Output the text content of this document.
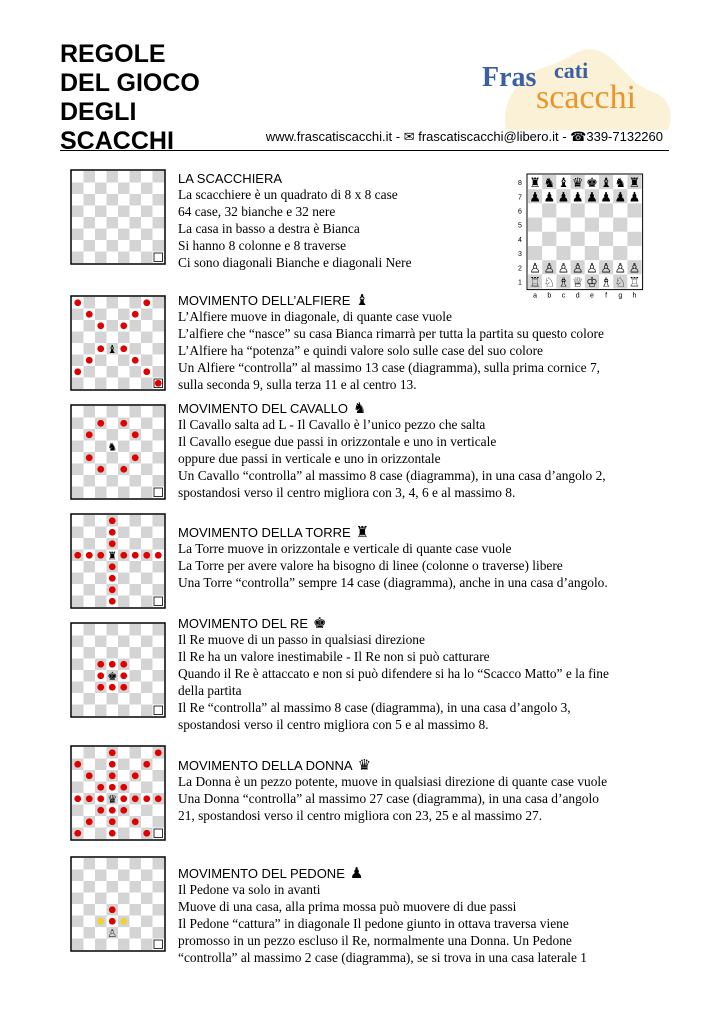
REGOLE
DEL GIOCO
DEGLI
SCACCHI
Fras cati
scacchi
www.frascatiscacchi.it - ✉ frascatiscacchi@libero.it - ☎339-7132260
♝
♞
♜
♚
♛
♙
♜ ♞ ♝ ♛ ♚ ♝ ♞ ♜
♟ ♟ ♟ ♟ ♟ ♟ ♟ ♟
♙ ♙ ♙ ♙ ♙ ♙ ♙ ♙
♖ ♘ ♗ ♕ ♔ ♗ ♘ ♖
8
7
6
5
4
3
2
1
a b c d e f g h
LA SCACCHIERA
La scacchiere è un quadrato di 8 x 8 case
64 case, 32 bianche e 32 nere
La casa in basso a destra è Bianca
Si hanno 8 colonne e 8 traverse
Ci sono diagonali Bianche e diagonali Nere
MOVIMENTO DELL’ALFIERE ♝
L’Alfiere muove in diagonale, di quante case vuole
L’alfiere che “nasce” su casa Bianca rimarrà per tutta la partita su questo colore
L’Alfiere ha “potenza” e quindi valore solo sulle case del suo colore
Un Alfiere “controlla” al massimo 13 case (diagramma), sulla prima cornice 7,
sulla seconda 9, sulla terza 11 e al centro 13.
MOVIMENTO DEL CAVALLO ♞
Il Cavallo salta ad L - Il Cavallo è l’unico pezzo che salta
Il Cavallo esegue due passi in orizzontale e uno in verticale
oppure due passi in verticale e uno in orizzontale
Un Cavallo “controlla” al massimo 8 case (diagramma), in una casa d’angolo 2,
spostandosi verso il centro migliora con 3, 4, 6 e al massimo 8.
MOVIMENTO DELLA TORRE ♜
La Torre muove in orizzontale e verticale di quante case vuole
La Torre per avere valore ha bisogno di linee (colonne o traverse) libere
Una Torre “controlla” sempre 14 case (diagramma), anche in una casa d’angolo.
MOVIMENTO DEL RE ♚
Il Re muove di un passo in qualsiasi direzione
Il Re ha un valore inestimabile - Il Re non si può catturare
Quando il Re è attaccato e non si può difendere si ha lo “Scacco Matto” e la fine
della partita
Il Re “controlla” al massimo 8 case (diagramma), in una casa d’angolo 3,
spostandosi verso il centro migliora con 5 e al massimo 8.
MOVIMENTO DELLA DONNA ♛
La Donna è un pezzo potente, muove in qualsiasi direzione di quante case vuole
Una Donna “controlla” al massimo 27 case (diagramma), in una casa d’angolo
21, spostandosi verso il centro migliora con 23, 25 e al massimo 27.
MOVIMENTO DEL PEDONE ♟
Il Pedone va solo in avanti
Muove di una casa, alla prima mossa può muovere di due passi
Il Pedone “cattura” in diagonale Il pedone giunto in ottava traversa viene
promosso in un pezzo escluso il Re, normalmente una Donna. Un Pedone
“controlla” al massimo 2 case (diagramma), se si trova in una casa laterale 1
